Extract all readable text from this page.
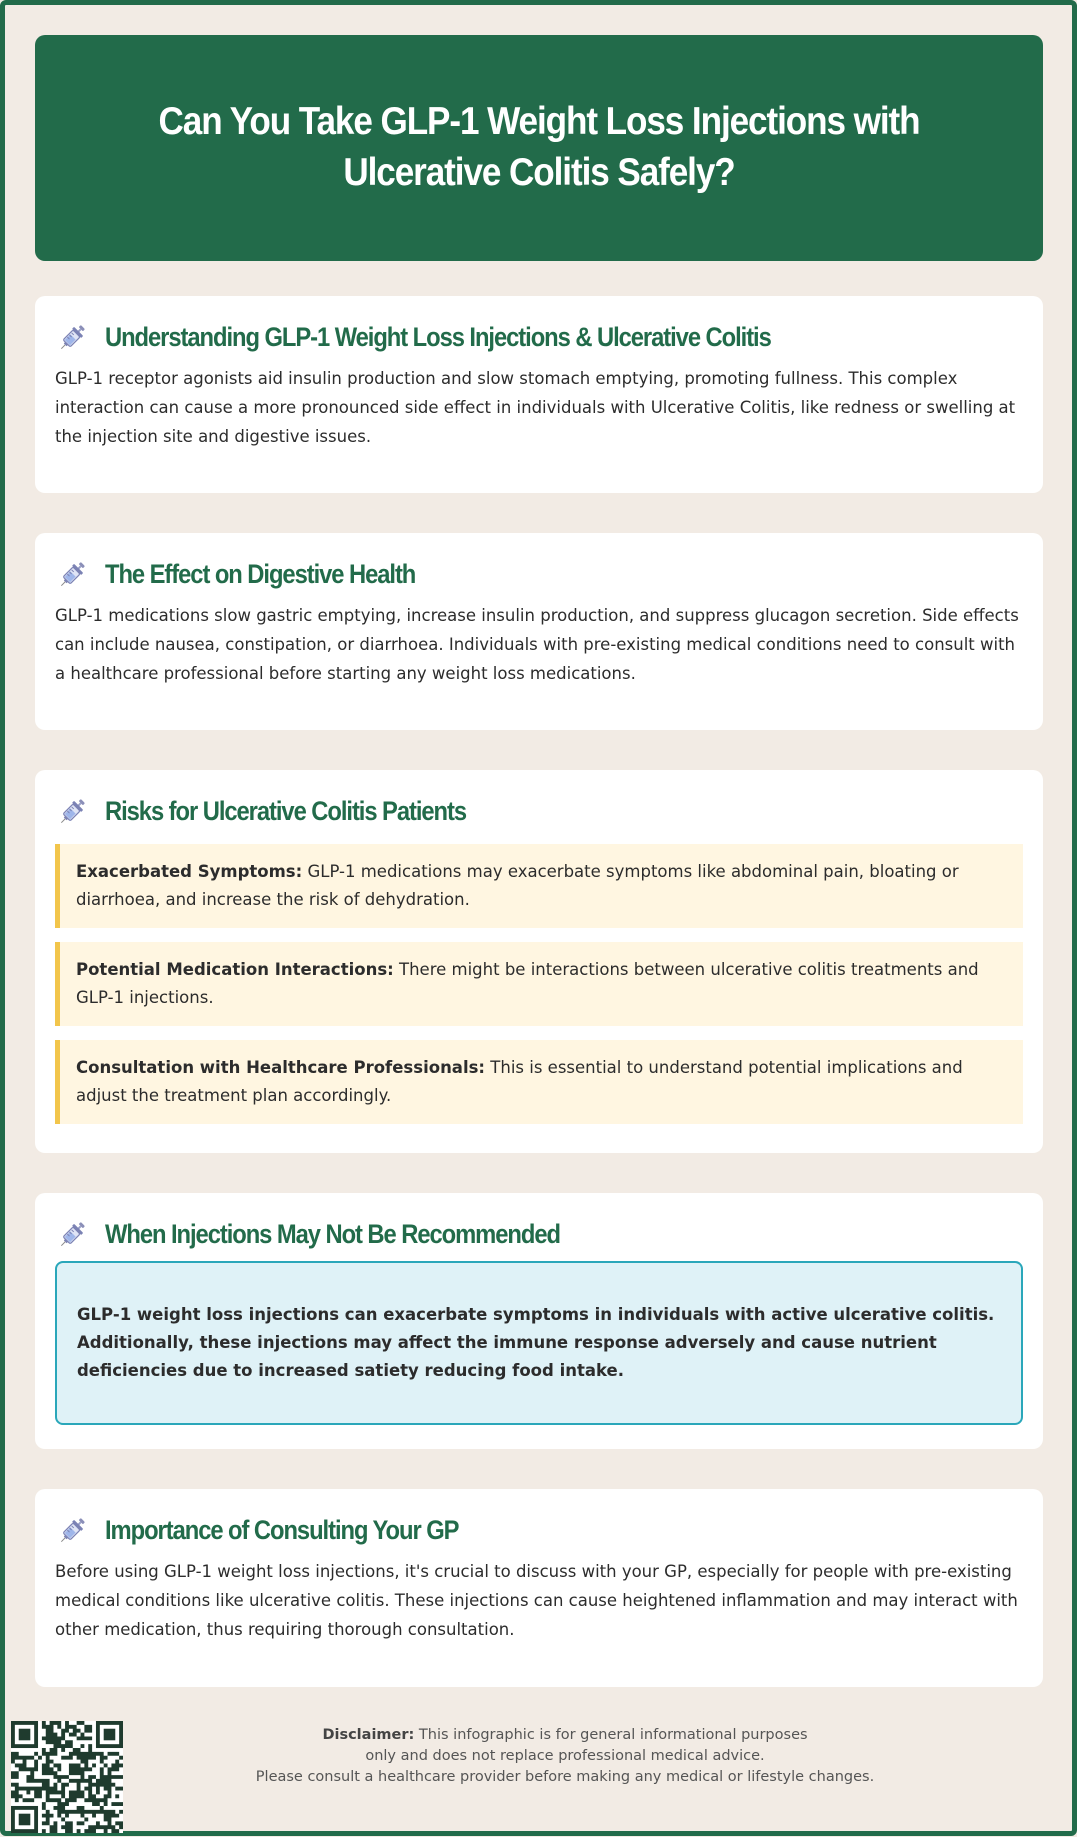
Can You Take GLP-1 Weight Loss Injections with Ulcerative Colitis Safely?
Understanding GLP-1 Weight Loss Injections & Ulcerative Colitis

GLP-1 receptor agonists aid insulin production and slow stomach emptying, promoting fullness. This complex interaction can cause a more pronounced side effect in individuals with Ulcerative Colitis, like redness or swelling at the injection site and digestive issues.

The Effect on Digestive Health

GLP-1 medications slow gastric emptying, increase insulin production, and suppress glucagon secretion. Side effects can include nausea, constipation, or diarrhoea. Individuals with pre-existing medical conditions need to consult with a healthcare professional before starting any weight loss medications.

Risks for Ulcerative Colitis Patients
Exacerbated Symptoms: GLP-1 medications may exacerbate symptoms like abdominal pain, bloating or diarrhoea, and increase the risk of dehydration.
Potential Medication Interactions: There might be interactions between ulcerative colitis treatments and GLP-1 injections.
Consultation with Healthcare Professionals: This is essential to understand potential implications and adjust the treatment plan accordingly.
When Injections May Not Be Recommended
GLP-1 weight loss injections can exacerbate symptoms in individuals with active ulcerative colitis. Additionally, these injections may affect the immune response adversely and cause nutrient deficiencies due to increased satiety reducing food intake.
Importance of Consulting Your GP

Before using GLP-1 weight loss injections, it's crucial to discuss with your GP, especially for people with pre-existing medical conditions like ulcerative colitis. These injections can cause heightened inflammation and may interact with other medication, thus requiring thorough consultation.

Disclaimer: This infographic is for general informational purposes
only and does not replace professional medical advice.
Please consult a healthcare provider before making any medical or lifestyle changes.
